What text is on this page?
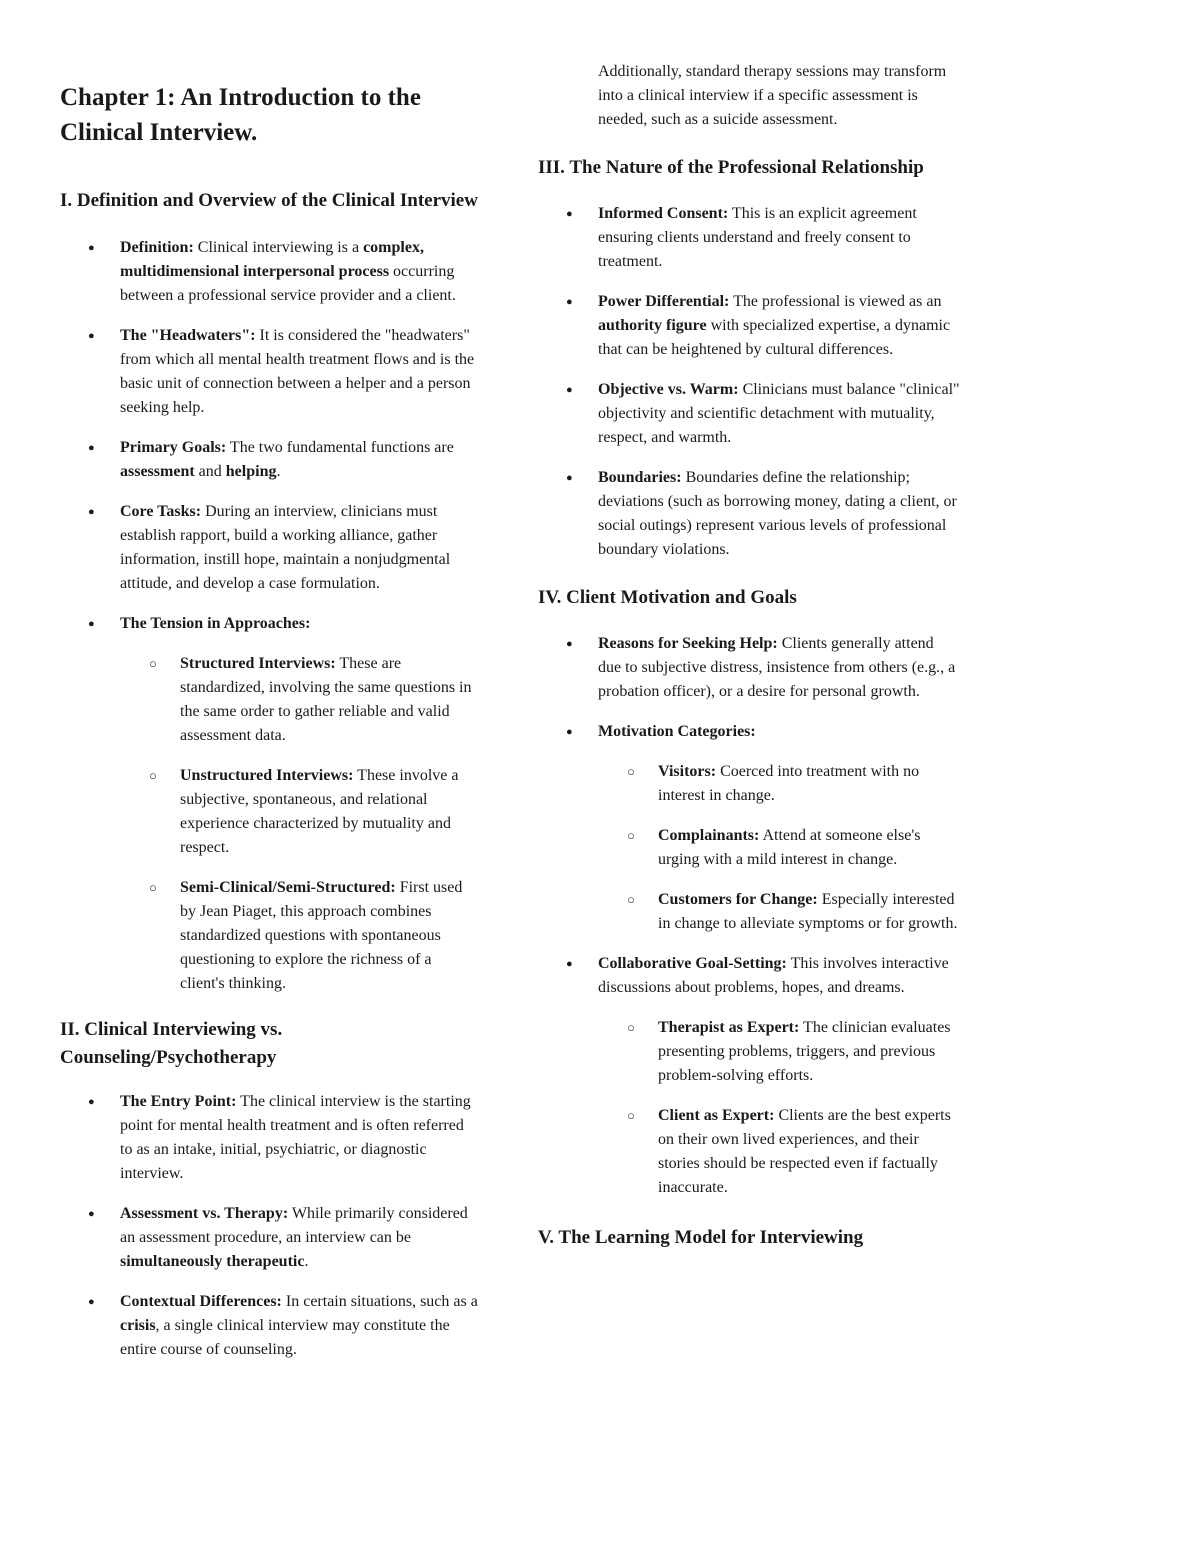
Chapter 1: An Introduction to the Clinical Interview.
I. Definition and Overview of the Clinical Interview
● Definition: Clinical interviewing is a complex, multidimensional interpersonal process occurring between a professional service provider and a client.
● The "Headwaters": It is considered the "headwaters" from which all mental health treatment flows and is the basic unit of connection between a helper and a person seeking help.
● Primary Goals: The two fundamental functions are assessment and helping.
● Core Tasks: During an interview, clinicians must establish rapport, build a working alliance, gather information, instill hope, maintain a nonjudgmental attitude, and develop a case formulation.
● The Tension in Approaches:
○ Structured Interviews: These are standardized, involving the same questions in the same order to gather reliable and valid assessment data.
○ Unstructured Interviews: These involve a subjective, spontaneous, and relational experience characterized by mutuality and respect.
○ Semi-Clinical/Semi-Structured: First used by Jean Piaget, this approach combines standardized questions with spontaneous questioning to explore the richness of a client's thinking.
II. Clinical Interviewing vs. Counseling/Psychotherapy
● The Entry Point: The clinical interview is the starting point for mental health treatment and is often referred to as an intake, initial, psychiatric, or diagnostic interview.
● Assessment vs. Therapy: While primarily considered an assessment procedure, an interview can be simultaneously therapeutic.
● Contextual Differences: In certain situations, such as a crisis, a single clinical interview may constitute the entire course of counseling.
Additionally, standard therapy sessions may transform into a clinical interview if a specific assessment is needed, such as a suicide assessment.
III. The Nature of the Professional Relationship
● Informed Consent: This is an explicit agreement ensuring clients understand and freely consent to treatment.
● Power Differential: The professional is viewed as an authority figure with specialized expertise, a dynamic that can be heightened by cultural differences.
● Objective vs. Warm: Clinicians must balance "clinical" objectivity and scientific detachment with mutuality, respect, and warmth.
● Boundaries: Boundaries define the relationship; deviations (such as borrowing money, dating a client, or social outings) represent various levels of professional boundary violations.
IV. Client Motivation and Goals
● Reasons for Seeking Help: Clients generally attend due to subjective distress, insistence from others (e.g., a probation officer), or a desire for personal growth.
● Motivation Categories:
○ Visitors: Coerced into treatment with no interest in change.
○ Complainants: Attend at someone else's urging with a mild interest in change.
○ Customers for Change: Especially interested in change to alleviate symptoms or for growth.
● Collaborative Goal-Setting: This involves interactive discussions about problems, hopes, and dreams.
○ Therapist as Expert: The clinician evaluates presenting problems, triggers, and previous problem-solving efforts.
○ Client as Expert: Clients are the best experts on their own lived experiences, and their stories should be respected even if factually inaccurate.
V. The Learning Model for Interviewing
